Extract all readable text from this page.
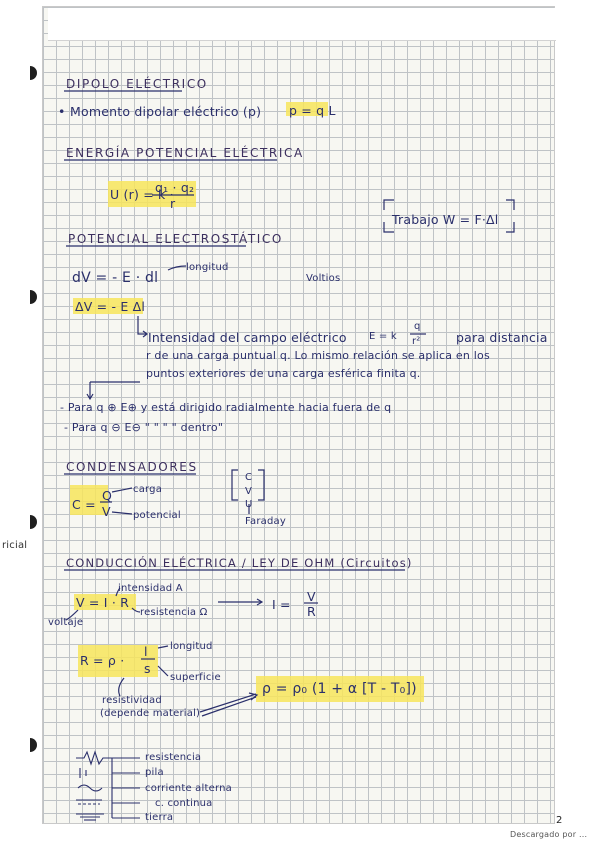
ricial
DIPOLO ELÉCTRICO
• Momento dipolar eléctrico (p) p = q L
ENERGÍA POTENCIAL ELÉCTRICA
U (r) = k ·
q₁ · q₂
r
Trabajo W = F·Δl
POTENCIAL ELECTROSTÁTICO
dV = - E · dl
longitud
Voltios
ΔV = - E Δl
Intensidad del campo eléctrico E = k
q
r²	para distancia
r de una carga puntual q. Lo mismo relación se aplica en los
puntos exteriores de una carga esférica finita q.
- Para q ⊕ E⊕ y está dirigido radialmente hacia fuera de q
- Para q ⊖ E⊖ " " " " dentro"
CONDENSADORES
C =
Q
V
carga
potencial
C
V
U
Faraday
CONDUCCIÓN ELÉCTRICA / LEY DE OHM (Circuitos)
intensidad A
V = I · R
resistencia Ω
voltaje
I =
V
R
R = ρ ·
l
s
longitud
superficie
resistividad
(depende material)
ρ = ρ₀ (1 + α [T - T₀])
resistencia
pila
corriente alterna
c. continua
tierra	2
Descargado por ...
